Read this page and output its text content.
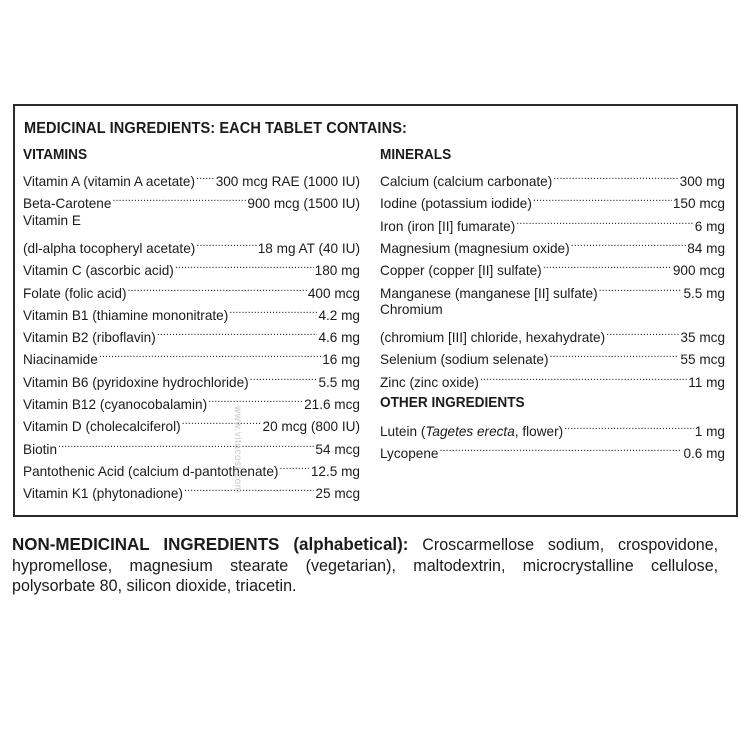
MEDICINAL INGREDIENTS: EACH TABLET CONTAINS:
VITAMINS
Vitamin A (vitamin A acetate) ..... 300 mcg RAE (1000 IU)
Beta-Carotene .....	900 mcg (1500 IU)
Vitamin E
(dl-alpha tocopheryl acetate) .....	18 mg AT (40 IU)
Vitamin C (ascorbic acid) .....	180 mg
Folate (folic acid) .....	400 mcg
Vitamin B1 (thiamine mononitrate) .....	4.2 mg
Vitamin B2 (riboflavin) .....	4.6 mg
Niacinamide .....	16 mg
Vitamin B6 (pyridoxine hydrochloride) .....	5.5 mg
Vitamin B12 (cyanocobalamin) .....	21.6 mcg
Vitamin D (cholecalciferol) .....	20 mcg (800 IU)
Biotin .....	54 mcg
Pantothenic Acid (calcium d-pantothenate) ..... 12.5 mg
Vitamin K1 (phytonadione) .....	25 mcg
MINERALS
OTHER INGREDIENTS
Calcium (calcium carbonate) .....	300 mg
Iodine (potassium iodide) .....	150 mcg
Iron (iron [II] fumarate) .....	6 mg
Magnesium (magnesium oxide) .....	84 mg
Copper (copper [II] sulfate) .....	900 mcg
Manganese (manganese [II] sulfate) .....	5.5 mg
Chromium
(chromium [III] chloride, hexahydrate) .....	35 mcg
Selenium (sodium selenate) .....	55 mcg
Zinc (zinc oxide) .....	11 mg
Lutein (Tagetes erecta, flower) .....	1 mg
Lycopene .....	0.6 mg
www.vitacost.com
NON-MEDICINAL INGREDIENTS (alphabetical): Croscarmellose sodium, crospovidone, hypromellose, magnesium stearate (vegetarian), maltodextrin, microcrystalline cellulose, polysorbate 80, silicon dioxide, triacetin.
